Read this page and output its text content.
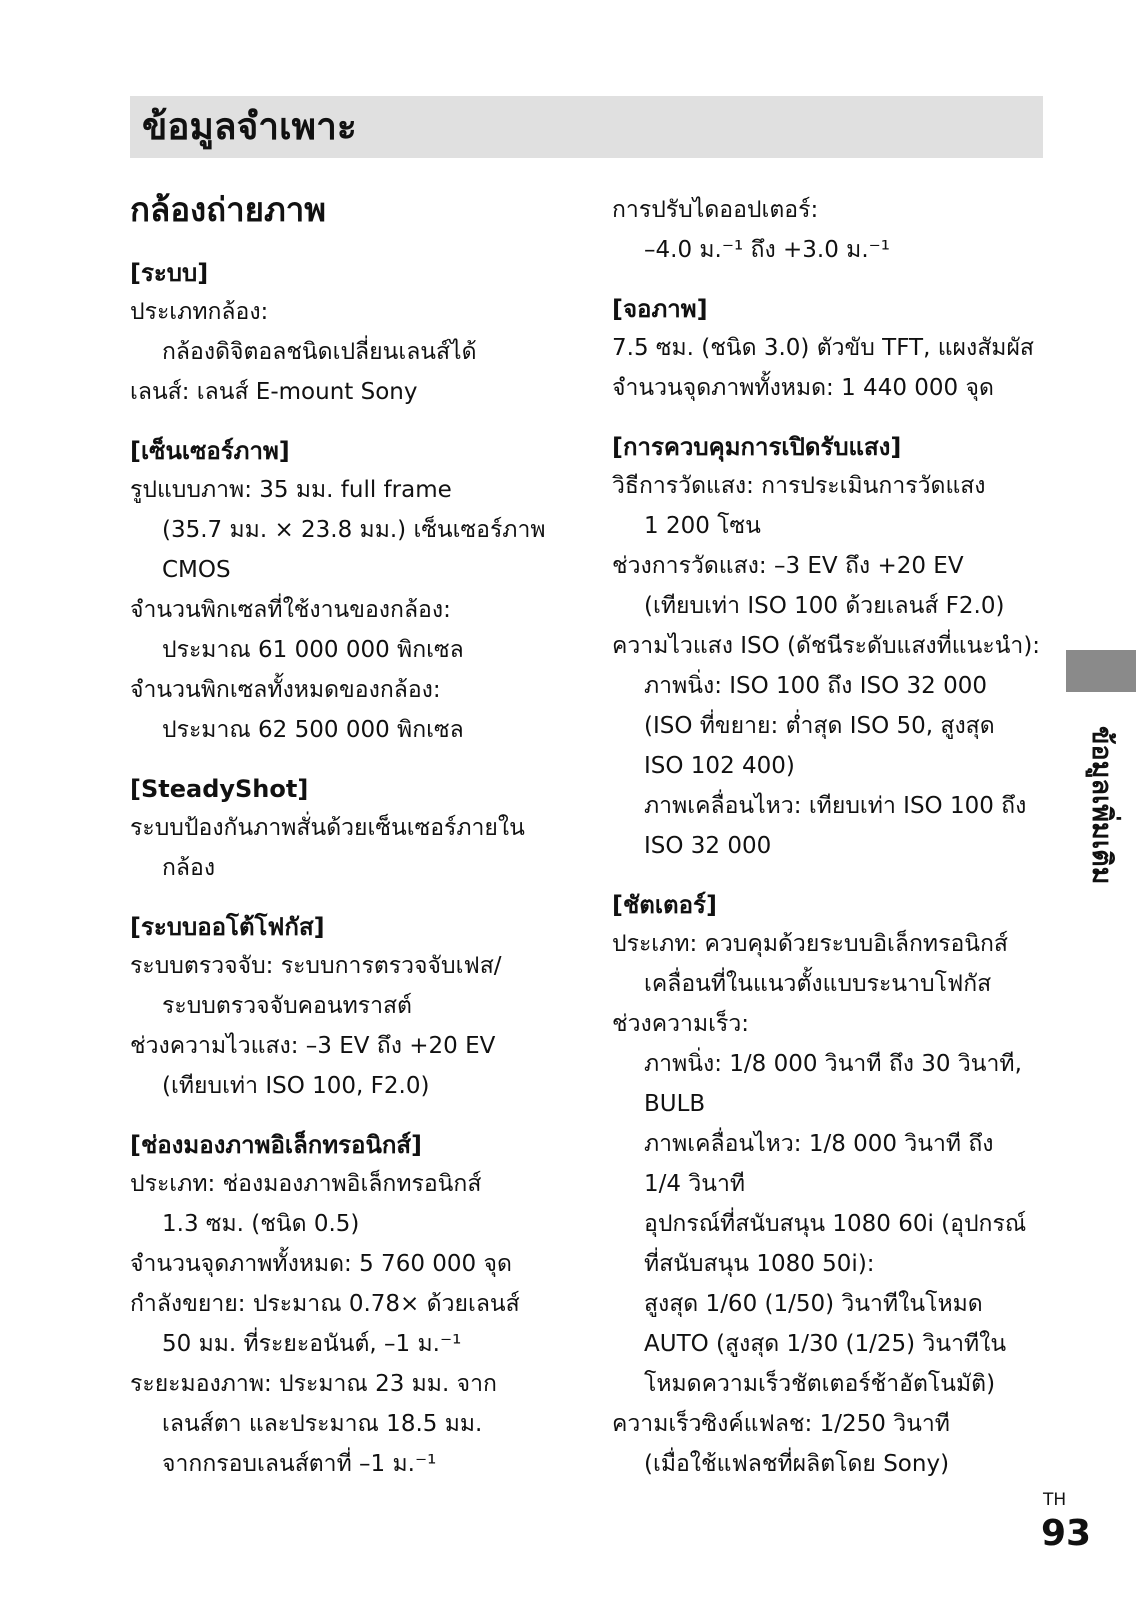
ข้อมูลจำเพาะ
กล้องถ่ายภาพ
[ระบบ]
ประเภทกล้อง:
กล้องดิจิตอลชนิดเปลี่ยนเลนส์ได้
เลนส์: เลนส์ E-mount Sony
[เซ็นเซอร์ภาพ]
รูปแบบภาพ: 35 มม. full frame
(35.7 มม. × 23.8 มม.) เซ็นเซอร์ภาพ
CMOS
จำนวนพิกเซลที่ใช้งานของกล้อง:
ประมาณ 61 000 000 พิกเซล
จำนวนพิกเซลทั้งหมดของกล้อง:
ประมาณ 62 500 000 พิกเซล
[SteadyShot]
ระบบป้องกันภาพสั่นด้วยเซ็นเซอร์ภายใน
กล้อง
[ระบบออโต้โฟกัส]
ระบบตรวจจับ: ระบบการตรวจจับเฟส/
ระบบตรวจจับคอนทราสต์
ช่วงความไวแสง: –3 EV ถึง +20 EV
(เทียบเท่า ISO 100, F2.0)
[ช่องมองภาพอิเล็กทรอนิกส์]
ประเภท: ช่องมองภาพอิเล็กทรอนิกส์
1.3 ซม. (ชนิด 0.5)
จำนวนจุดภาพทั้งหมด: 5 760 000 จุด
กำลังขยาย: ประมาณ 0.78× ด้วยเลนส์
50 มม. ที่ระยะอนันต์, –1 ม.⁻¹
ระยะมองภาพ: ประมาณ 23 มม. จาก
เลนส์ตา และประมาณ 18.5 มม.
จากกรอบเลนส์ตาที่ –1 ม.⁻¹
การปรับไดออปเตอร์:
–4.0 ม.⁻¹ ถึง +3.0 ม.⁻¹
[จอภาพ]
7.5 ซม. (ชนิด 3.0) ตัวขับ TFT, แผงสัมผัส
จำนวนจุดภาพทั้งหมด: 1 440 000 จุด
[การควบคุมการเปิดรับแสง]
วิธีการวัดแสง: การประเมินการวัดแสง
1 200 โซน
ช่วงการวัดแสง: –3 EV ถึง +20 EV
(เทียบเท่า ISO 100 ด้วยเลนส์ F2.0)
ความไวแสง ISO (ดัชนีระดับแสงที่แนะนำ):
ภาพนิ่ง: ISO 100 ถึง ISO 32 000
(ISO ที่ขยาย: ต่ำสุด ISO 50, สูงสุด
ISO 102 400)
ภาพเคลื่อนไหว: เทียบเท่า ISO 100 ถึง
ISO 32 000
[ชัตเตอร์]
ประเภท: ควบคุมด้วยระบบอิเล็กทรอนิกส์
เคลื่อนที่ในแนวตั้งแบบระนาบโฟกัส
ช่วงความเร็ว:
ภาพนิ่ง: 1/8 000 วินาที ถึง 30 วินาที,
BULB
ภาพเคลื่อนไหว: 1/8 000 วินาที ถึง
1/4 วินาที
อุปกรณ์ที่สนับสนุน 1080 60i (อุปกรณ์
ที่สนับสนุน 1080 50i):
สูงสุด 1/60 (1/50) วินาทีในโหมด
AUTO (สูงสุด 1/30 (1/25) วินาทีใน
โหมดความเร็วชัตเตอร์ช้าอัตโนมัติ)
ความเร็วซิงค์แฟลช: 1/250 วินาที
(เมื่อใช้แฟลชที่ผลิตโดย Sony)
ข้อมูลเพิ่มเติม
TH
93
